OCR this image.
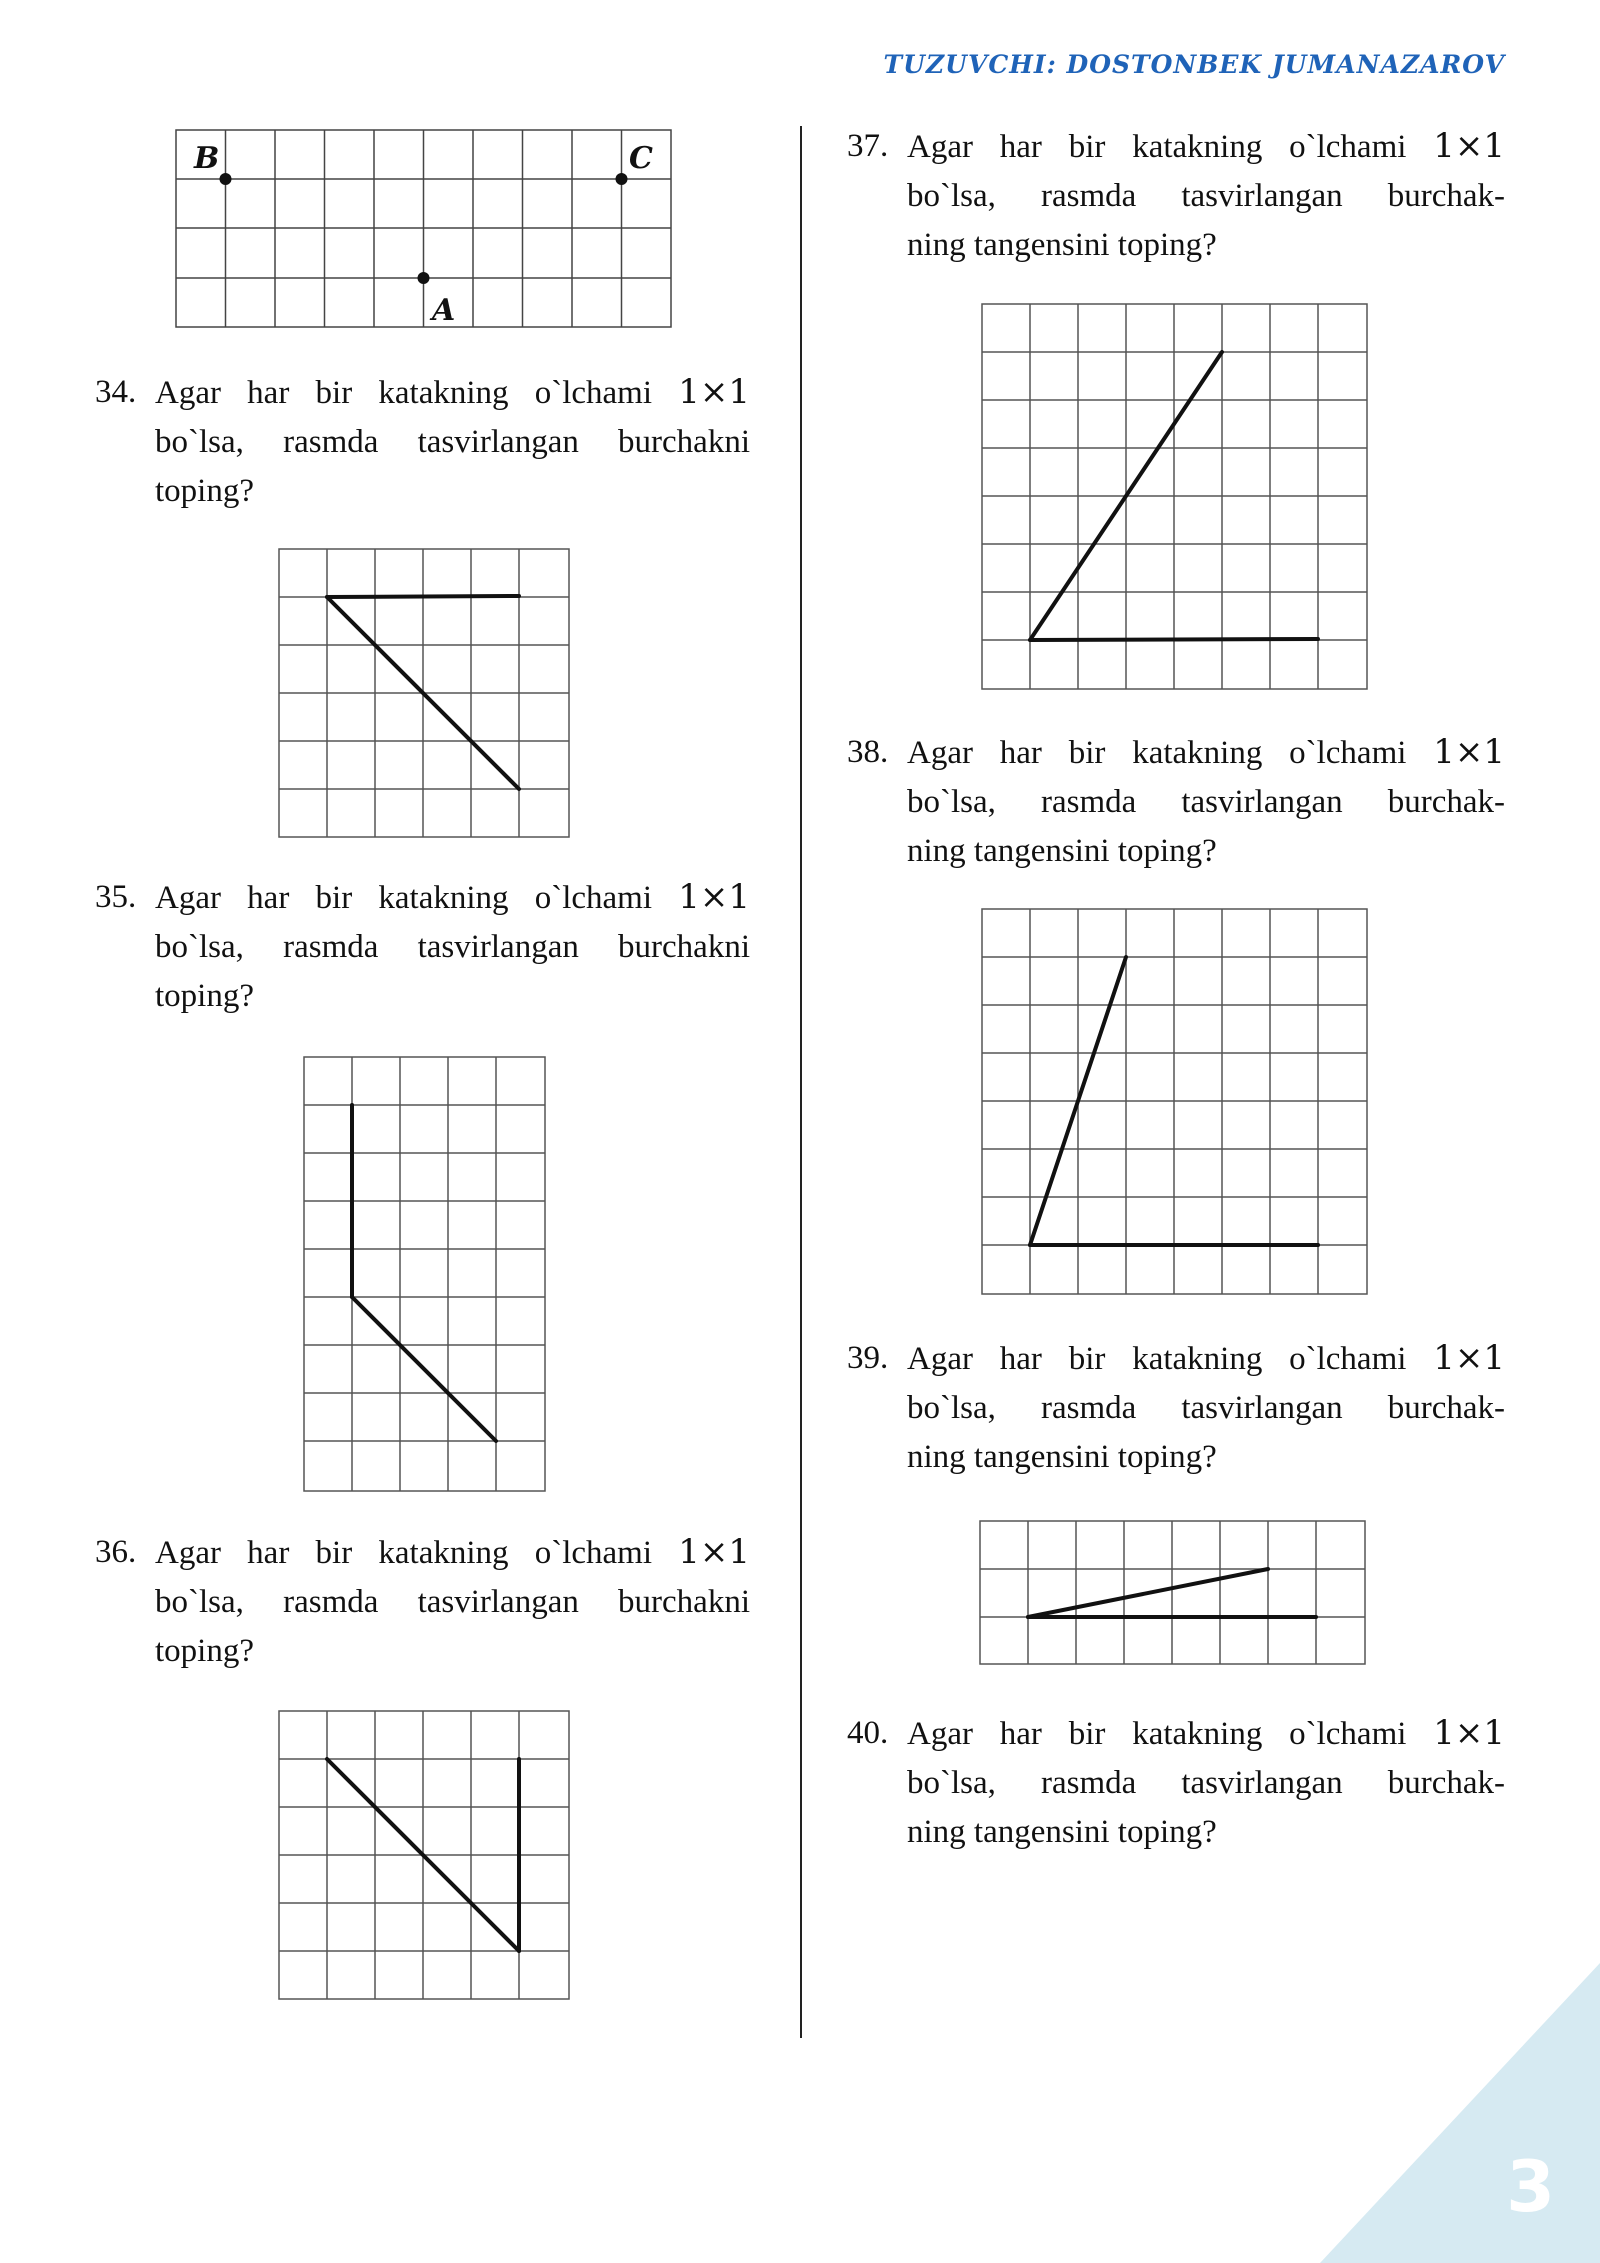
TUZUVCHI: DOSTONBEK JUMANAZAROV
B	C
A
34. Agar har bir katakning o`lchami 1×1
bo`lsa, rasmda tasvirlangan burchakni
toping?
35. Agar har bir katakning o`lchami 1×1
bo`lsa, rasmda tasvirlangan burchakni
toping?
36. Agar har bir katakning o`lchami 1×1
bo`lsa, rasmda tasvirlangan burchakni
toping?
37. Agar har bir katakning o`lchami 1×1
bo`lsa, rasmda tasvirlangan burchak-
ning tangensini toping?
38. Agar har bir katakning o`lchami 1×1
bo`lsa, rasmda tasvirlangan burchak-
ning tangensini toping?
39. Agar har bir katakning o`lchami 1×1
bo`lsa, rasmda tasvirlangan burchak-
ning tangensini toping?
40. Agar har bir katakning o`lchami 1×1
bo`lsa, rasmda tasvirlangan burchak-
ning tangensini toping?
3
